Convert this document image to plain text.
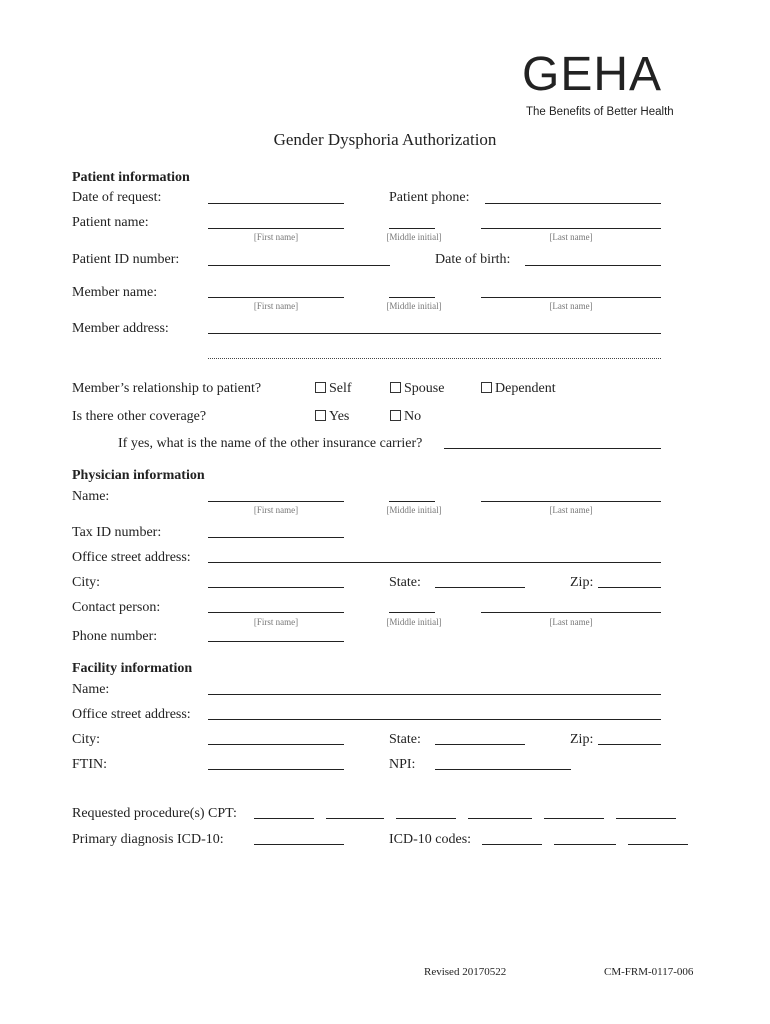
GEHA
The Benefits of Better Health
Gender Dysphoria Authorization
Patient information
Date of request:	Patient phone:
Patient name:
[First name]	[Middle initial]	[Last name]
Patient ID number:	Date of birth:
Member name:
[First name]	[Middle initial]	[Last name]
Member address:
Member’s relationship to patient?	Self	Spouse	Dependent
Is there other coverage?	Yes	No
If yes, what is the name of the other insurance carrier?
Physician information
Name:
[First name]	[Middle initial]	[Last name]
Tax ID number:
Office street address:
City:	State:	Zip:
Contact person:
[First name]	[Middle initial]	[Last name]
Phone number:
Facility information
Name:
Office street address:
City:	State:	Zip:
FTIN:	NPI:
Requested procedure(s) CPT:
Primary diagnosis ICD-10:	ICD-10 codes:
Revised 20170522	CM-FRM-0117-006
